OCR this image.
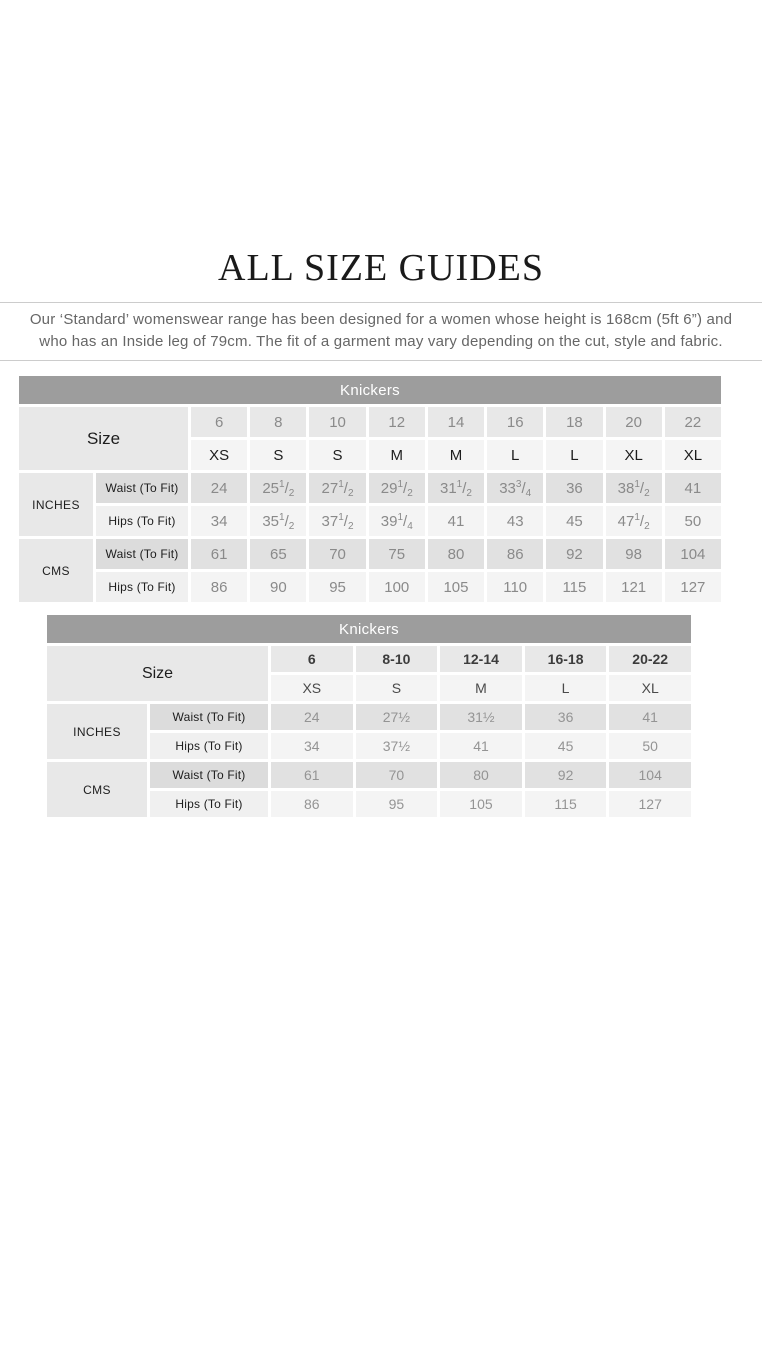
ALL SIZE GUIDES
Our ‘Standard’ womenswear range has been designed for a women whose height is 168cm (5ft 6”) and
who has an Inside leg of 79cm. The fit of a garment may vary depending on the cut, style and fabric.
Knickers										
Size		6	8	10	12	14	16	18	20	22
		XS	S	S	M	M	L	L	XL	XL
INCHES	Waist (To Fit)	24	$25^1/_2$	$27^1/_2$	$29^1/_2$	$31^1/_2$	$33^3/_4$	36	$38^1/_2$	41
	Hips (To Fit)	34	$35^1/_2$	$37^1/_2$	$39^1/_4$	41	43	45	$47^1/_2$	50
CMS	Waist (To Fit)	61	65	70	75	80	86	92	98	104
	Hips (To Fit)	86	90	95	100	105	110	115	121	127
Knickers						
Size		6	8-10	12-14	16-18	20-22
		XS	S	M	L	XL
INCHES	Waist (To Fit)	24	27½	31½	36	41
	Hips (To Fit)	34	37½	41	45	50
CMS	Waist (To Fit)	61	70	80	92	104
	Hips (To Fit)	86	95	105	115	127
